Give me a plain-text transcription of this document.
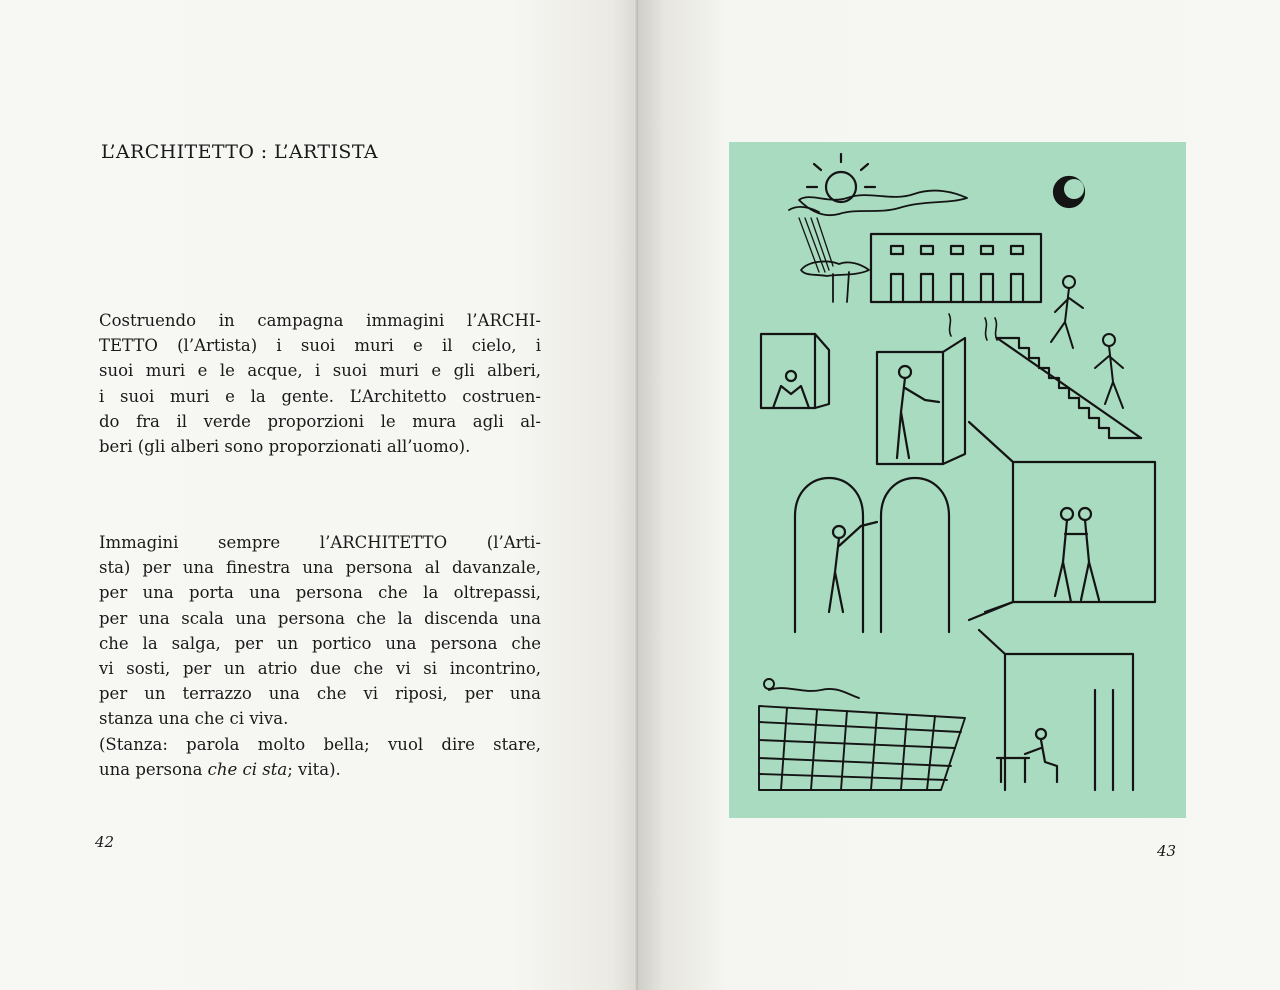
L’ARCHITETTO : L’ARTISTA

Costruendo in campagna immagini l’ARCHI-
TETTO (l’Artista) i suoi muri e il cielo, i
suoi muri e le acque, i suoi muri e gli alberi,
i suoi muri e la gente. L’Architetto costruen-
do fra il verde proporzioni le mura agli al-
beri (gli alberi sono proporzionati all’uomo).

Immagini sempre l’ARCHITETTO (l’Arti-
sta) per una finestra una persona al davanzale,
per una porta una persona che la oltrepassi,
per una scala una persona che la discenda una
che la salga, per un portico una persona che
vi sosti, per un atrio due che vi si incontrino,
per un terrazzo una che vi riposi, per una
stanza una che ci viva.
(Stanza: parola molto bella; vuol dire stare,
una persona che ci sta; vita).

42	43
